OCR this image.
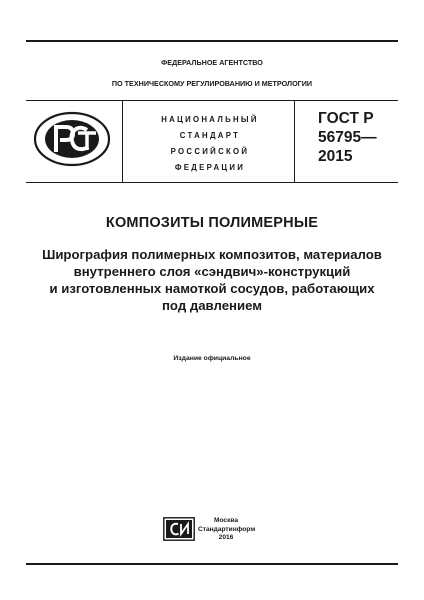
ФЕДЕРАЛЬНОЕ АГЕНТСТВО
ПО ТЕХНИЧЕСКОМУ РЕГУЛИРОВАНИЮ И МЕТРОЛОГИИ
НАЦИОНАЛЬНЫЙ
СТАНДАРТ
РОССИЙСКОЙ
ФЕДЕРАЦИИ
ГОСТ Р
56795—
2015
КОМПОЗИТЫ ПОЛИМЕРНЫЕ
Ширография полимерных композитов, материалов
внутреннего слоя «сэндвич»-конструкций
и изготовленных намоткой сосудов, работающих
под давлением
Издание официальное
Москва
Стандартинформ
2016
